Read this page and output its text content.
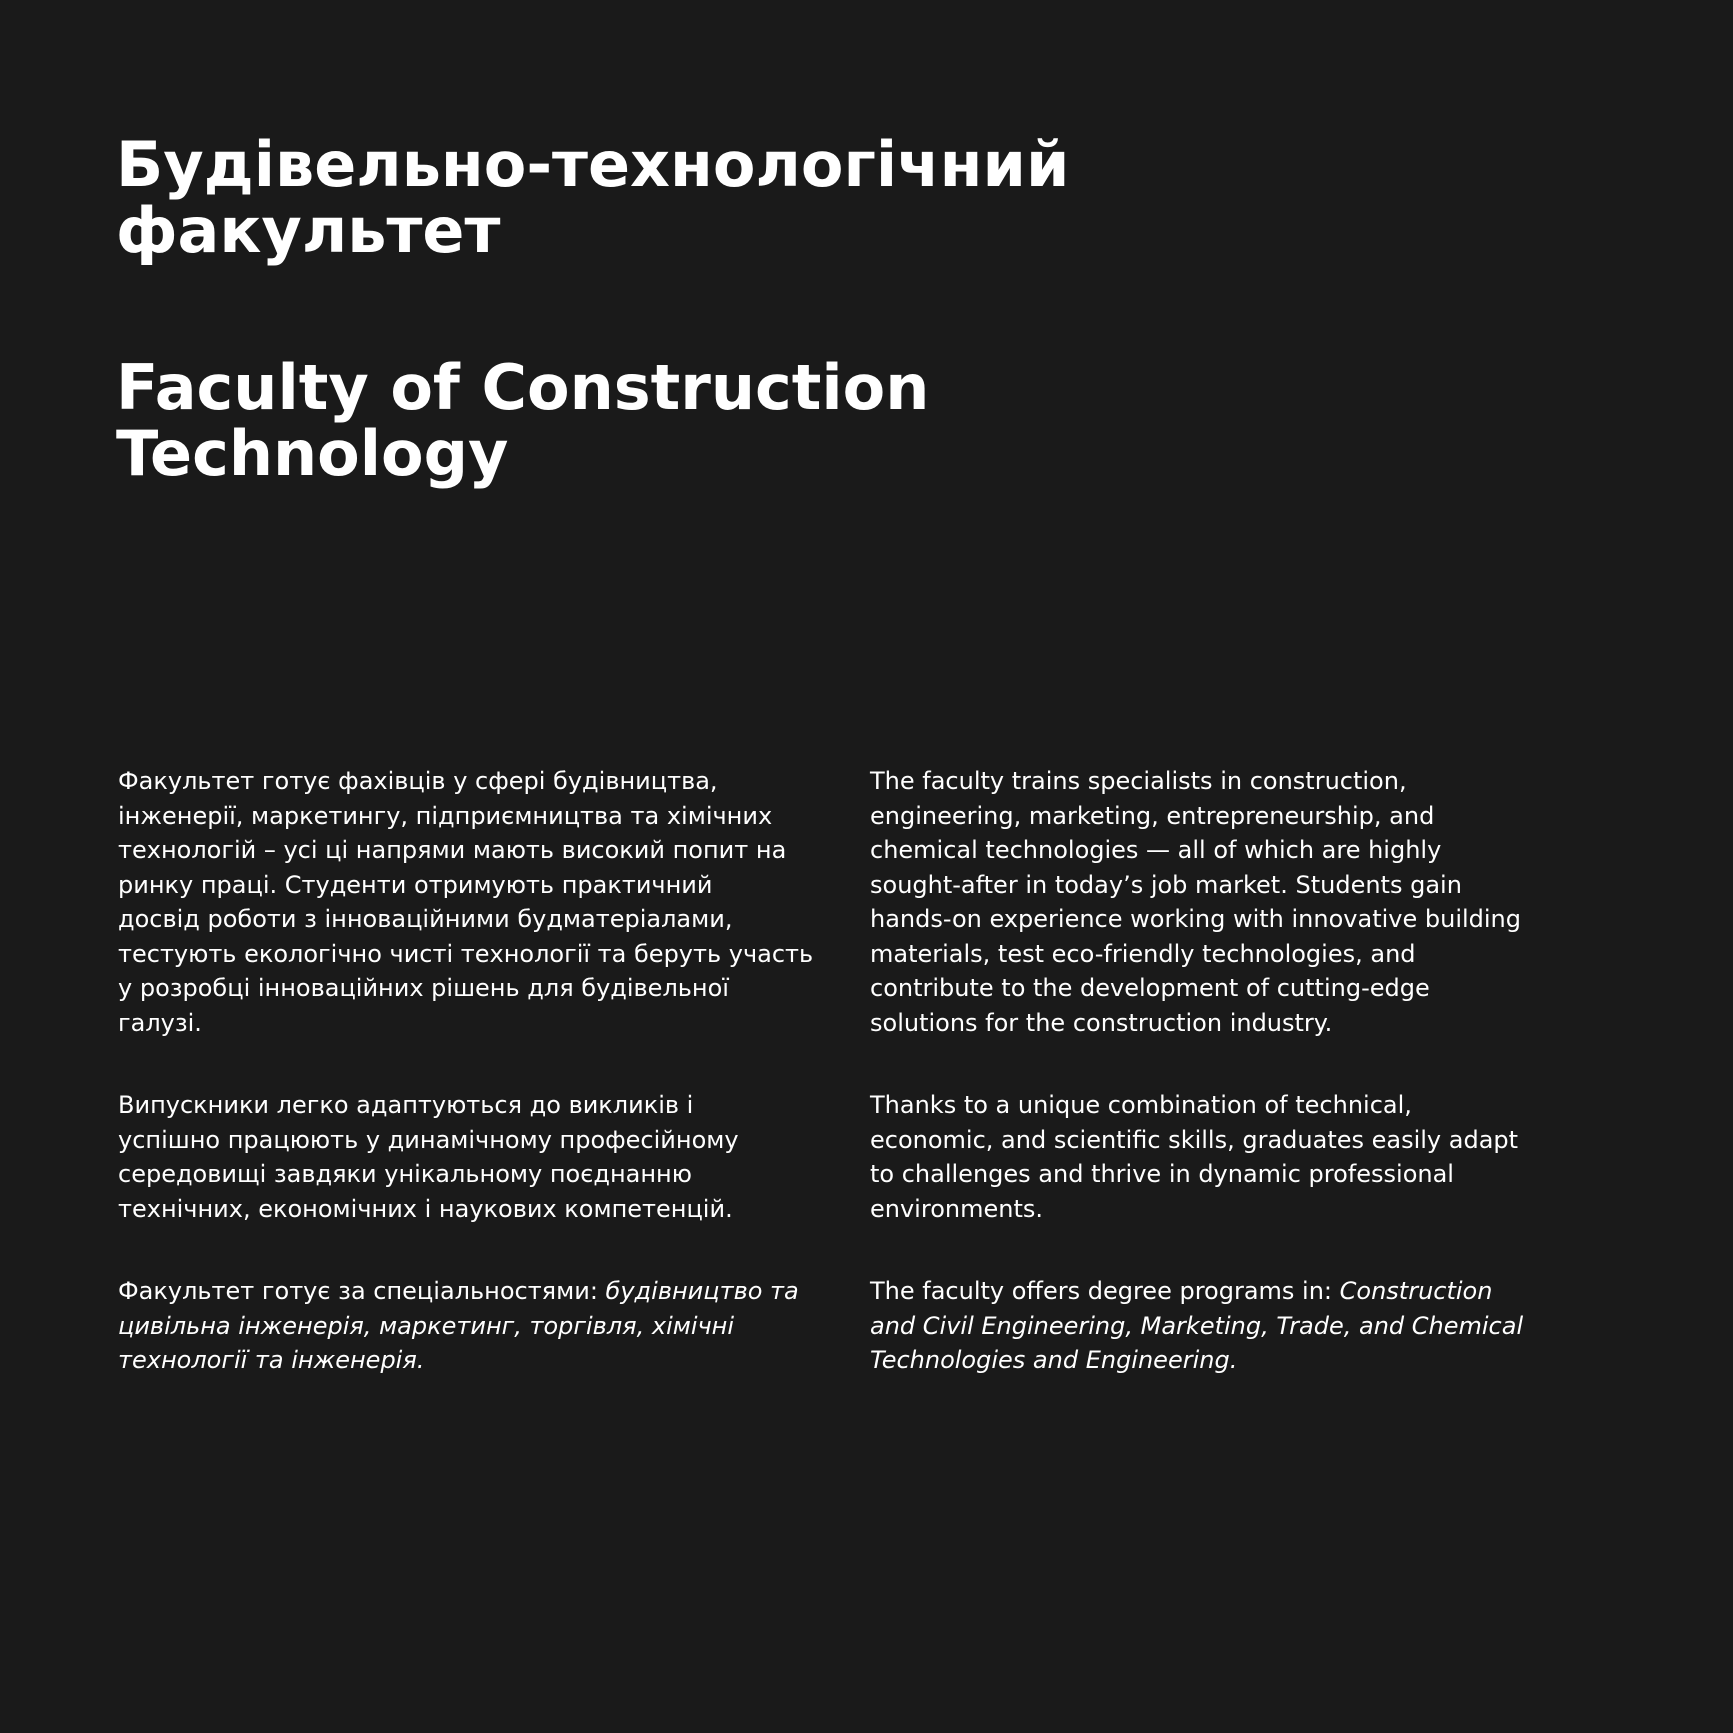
Будівельно-технологічний
факультет
Faculty of Construction
Technology

Факультет готує фахівців у сфері будівництва,
інженерії, маркетингу, підприємництва та хімічних
технологій – усі ці напрями мають високий попит на
ринку праці. Студенти отримують практичний
досвід роботи з інноваційними будматеріалами,
тестують екологічно чисті технології та беруть участь
у розробці інноваційних рішень для будівельної
галузі.

Випускники легко адаптуються до викликів і
успішно працюють у динамічному професійному
середовищі завдяки унікальному поєднанню
технічних, економічних і наукових компетенцій.

Факультет готує за спеціальностями: будівництво та
цивільна інженерія, маркетинг, торгівля, хімічні
технології та інженерія.

The faculty trains specialists in construction,
engineering, marketing, entrepreneurship, and
chemical technologies — all of which are highly
sought-after in today’s job market. Students gain
hands-on experience working with innovative building
materials, test eco-friendly technologies, and
contribute to the development of cutting-edge
solutions for the construction industry.

Thanks to a unique combination of technical,
economic, and scientific skills, graduates easily adapt
to challenges and thrive in dynamic professional
environments.

The faculty offers degree programs in: Construction
and Civil Engineering, Marketing, Trade, and Chemical
Technologies and Engineering.
